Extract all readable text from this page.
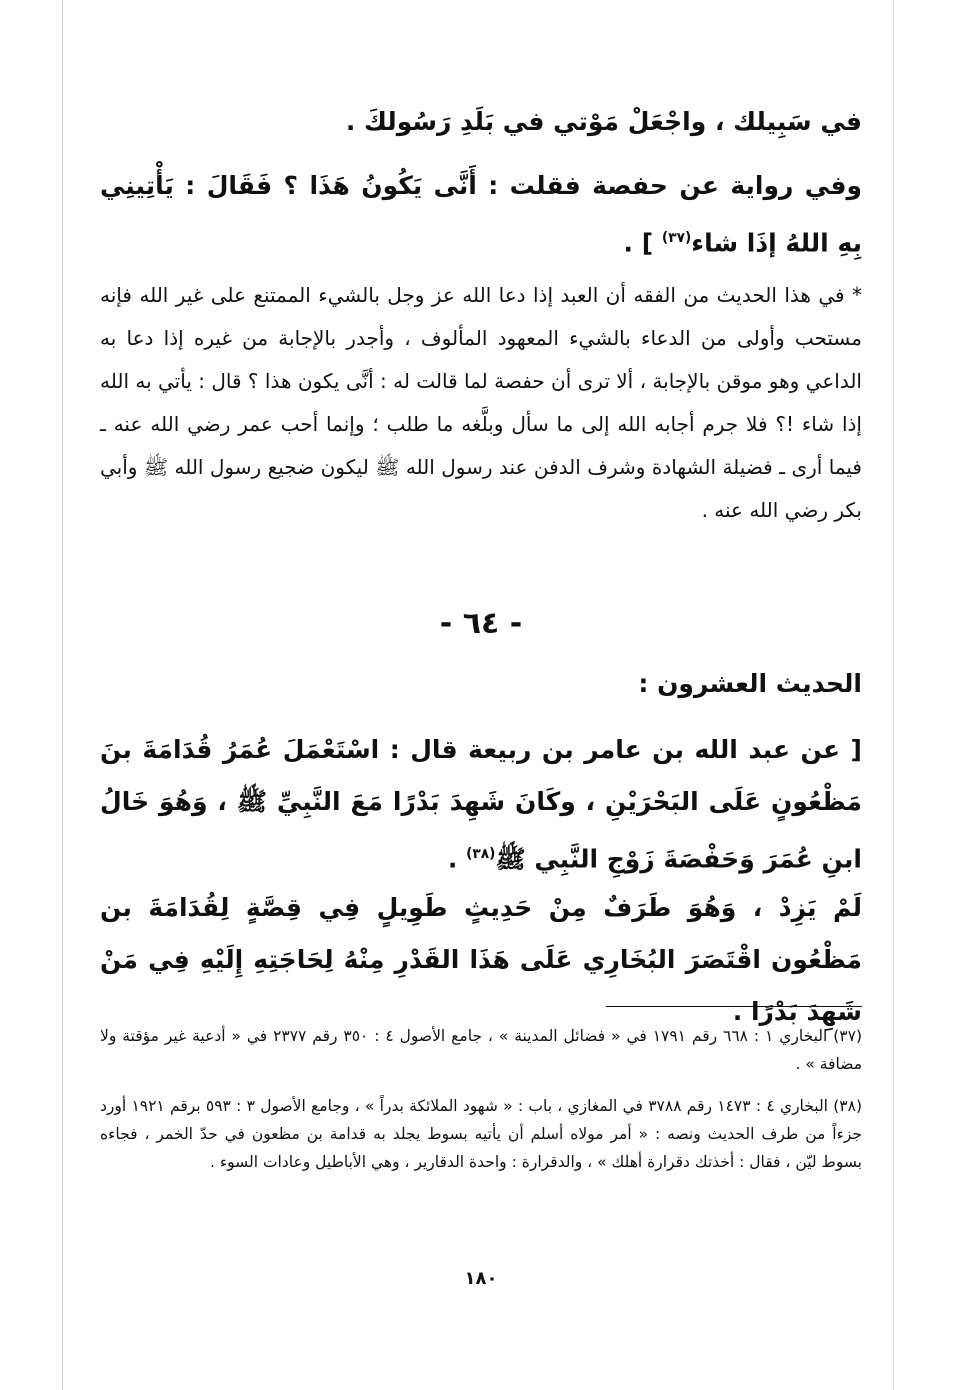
في سَبِيلك ، واجْعَلْ مَوْتي في بَلَدِ رَسُولكَ .

وفي رواية عن حفصة فقلت : أَنَّى يَكُونُ هَذَا ؟ فَقَالَ : يَأْتِينِي بِهِ اللهُ إذَا شاء$^{(٣٧)}$ ] .

* في هذا الحديث من الفقه أن العبد إذا دعا الله عز وجل بالشيء الممتنع على غير الله فإنه مستحب وأولى من الدعاء بالشيء المعهود المألوف ، وأجدر بالإجابة من غيره إذا دعا به الداعي وهو موقن بالإجابة ، ألا ترى أن حفصة لما قالت له : أنَّى يكون هذا ؟ قال : يأتي به الله إذا شاء !؟ فلا جرم أجابه الله إلى ما سأل وبلَّغه ما طلب ؛ وإنما أحب عمر رضي الله عنه ـ فيما أرى ـ فضيلة الشهادة وشرف الدفن عند رسول الله ﷺ ليكون ضجيع رسول الله ﷺ وأبي بكر رضي الله عنه .

- ٦٤ -

الحديث العشرون :

[ عن عبد الله بن عامر بن ربيعة قال : اسْتَعْمَلَ عُمَرُ قُدَامَةَ بنَ مَظْعُونٍ عَلَى البَحْرَيْنِ ، وكَانَ شَهِدَ بَدْرًا مَعَ النَّبِيِّ ﷺ ، وَهُوَ خَالُ ابنِ عُمَرَ وَحَفْصَةَ زَوْجِ النَّبِي ﷺ$^{(٣٨)}$ .

لَمْ يَزِدْ ، وَهُوَ طَرَفٌ مِنْ حَدِيثٍ طَوِيلٍ فِي قِصَّةٍ لِقُدَامَةَ بن مَظْعُون اقْتَصَرَ البُخَارِي عَلَى هَذَا القَدْرِ مِنْهُ لِحَاجَتِهِ إِلَيْهِ فِي مَنْ شَهِدَ بَدْرًا .

(٣٧) البخاري ١ : ٦٦٨ رقم ١٧٩١ في « فضائل المدينة » ، جامع الأصول ٤ : ٣٥٠ رقم ٢٣٧٧ في « أدعية غير مؤقتة ولا مضافة » .

(٣٨) البخاري ٤ : ١٤٧٣ رقم ٣٧٨٨ في المغازي ، باب : « شهود الملائكة بدراً » ، وجامع الأصول ٣ : ٥٩٣ برقم ١٩٢١ أورد جزءاً من طرف الحديث ونصه : « أمر مولاه أسلم أن يأتيه بسوط يجلد به قدامة بن مظعون في حدّ الخمر ، فجاءه بسوط ليّن ، فقال : أخذتك دقرارة أهلك » ، والدقرارة : واحدة الدقارير ، وهي الأباطيل وعادات السوء .

١٨٠
